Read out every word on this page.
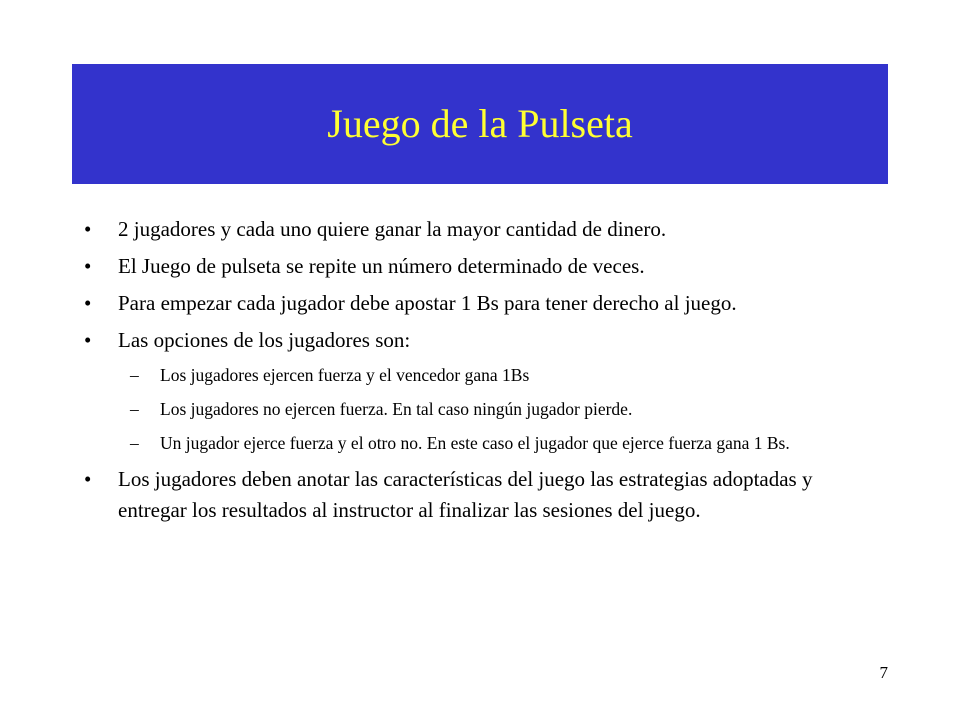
Juego de la Pulseta
• 2 jugadores y cada uno quiere ganar la mayor cantidad de dinero.
• El Juego de pulseta se repite un número determinado de veces.
• Para empezar cada jugador debe apostar 1 Bs para tener derecho al juego.
• Las opciones de los jugadores son:
– Los jugadores ejercen fuerza y el vencedor gana 1Bs
– Los jugadores no ejercen fuerza. En tal caso ningún jugador pierde.
– Un jugador ejerce fuerza y el otro no. En este caso el jugador que ejerce fuerza gana 1 Bs.
• Los jugadores deben anotar las características del juego las estrategias adoptadas y entregar los resultados al instructor al finalizar las sesiones del juego.
7
